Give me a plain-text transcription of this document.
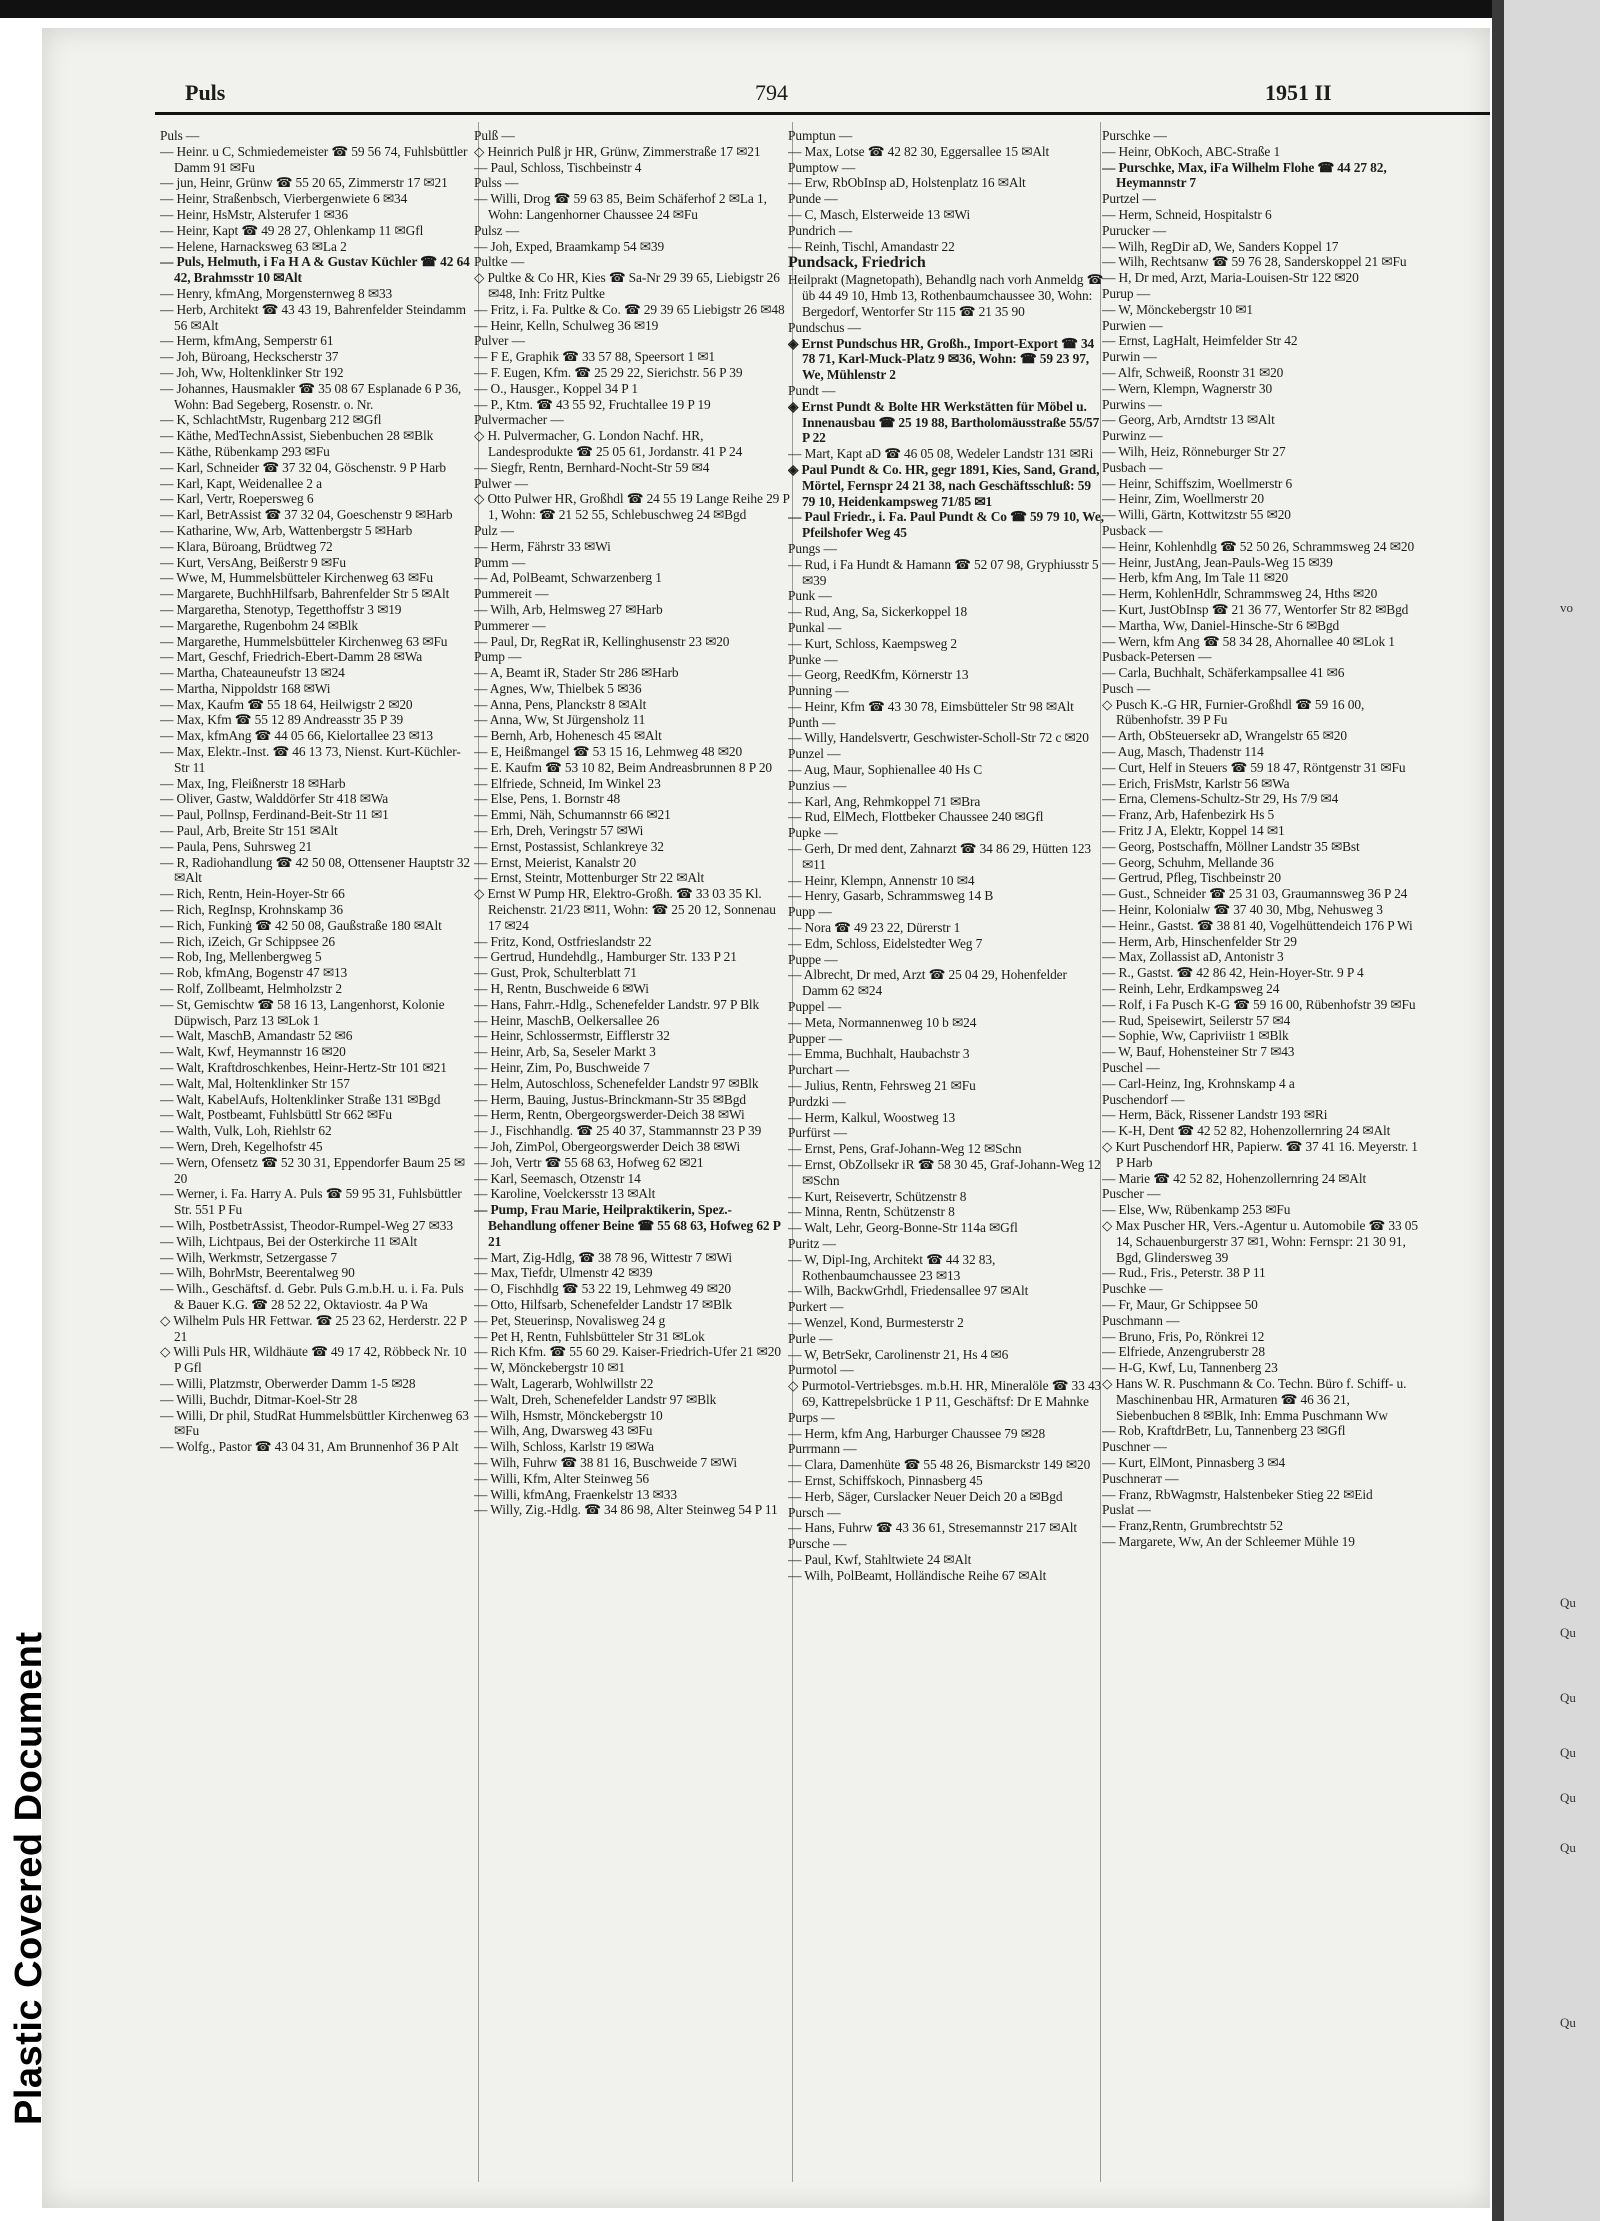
Plastic Covered Document
Puls	794	1951 II

Puls —

— Heinr. u C, Schmiedemeister ☎ 59 56 74, Fuhlsbüttler Damm 91 ✉Fu

— jun, Heinr, Grünw ☎ 55 20 65, Zimmerstr 17 ✉21

— Heinr, Straßenbsch, Vierbergenwiete 6 ✉34

— Heinr, HsMstr, Alsterufer 1 ✉36

— Heinr, Kapt ☎ 49 28 27, Ohlenkamp 11 ✉Gfl

— Helene, Harnacksweg 63 ✉La 2

— Puls, Helmuth, i Fa H A & Gustav Küchler ☎ 42 64 42, Brahmsstr 10 ✉Alt

— Henry, kfmAng, Morgensternweg 8 ✉33

— Herb, Architekt ☎ 43 43 19, Bahrenfelder Steindamm 56 ✉Alt

— Herm, kfmAng, Semperstr 61

— Joh, Büroang, Heckscherstr 37

— Joh, Ww, Holtenklinker Str 192

— Johannes, Hausmakler ☎ 35 08 67 Esplanade 6 P 36, Wohn: Bad Segeberg, Rosenstr. o. Nr.

— K, SchlachtMstr, Rugenbarg 212 ✉Gfl

— Käthe, MedTechnAssist, Siebenbuchen 28 ✉Blk

— Käthe, Rübenkamp 293 ✉Fu

— Karl, Schneider ☎ 37 32 04, Göschenstr. 9 P Harb

— Karl, Kapt, Weidenallee 2 a

— Karl, Vertr, Roepersweg 6

— Karl, BetrAssist ☎ 37 32 04, Goeschenstr 9 ✉Harb

— Katharine, Ww, Arb, Wattenbergstr 5 ✉Harb

— Klara, Büroang, Brüdtweg 72

— Kurt, VersAng, Beißerstr 9 ✉Fu

— Wwe, M, Hummelsbütteler Kirchenweg 63 ✉Fu

— Margarete, BuchhHilfsarb, Bahrenfelder Str 5 ✉Alt

— Margaretha, Stenotyp, Tegetthoffstr 3 ✉19

— Margarethe, Rugenbohm 24 ✉Blk

— Margarethe, Hummelsbütteler Kirchenweg 63 ✉Fu

— Mart, Geschf, Friedrich-Ebert-Damm 28 ✉Wa

— Martha, Chateauneufstr 13 ✉24

— Martha, Nippoldstr 168 ✉Wi

— Max, Kaufm ☎ 55 18 64, Heilwigstr 2 ✉20

— Max, Kfm ☎ 55 12 89 Andreasstr 35 P 39

— Max, kfmAng ☎ 44 05 66, Kielortallee 23 ✉13

— Max, Elektr.-Inst. ☎ 46 13 73, Nienst. Kurt-Küchler-Str 11

— Max, Ing, Fleißnerstr 18 ✉Harb

— Oliver, Gastw, Walddörfer Str 418 ✉Wa

— Paul, Pollnsp, Ferdinand-Beit-Str 11 ✉1

— Paul, Arb, Breite Str 151 ✉Alt

— Paula, Pens, Suhrsweg 21

— R, Radiohandlung ☎ 42 50 08, Ottensener Hauptstr 32 ✉Alt

— Rich, Rentn, Hein-Hoyer-Str 66

— Rich, RegInsp, Krohnskamp 36

— Rich, Funkinġ ☎ 42 50 08, Gaußstraße 180 ✉Alt

— Rich, iZeich, Gr Schippsee 26

— Rob, Ing, Mellenbergweg 5

— Rob, kfmAng, Bogenstr 47 ✉13

— Rolf, Zollbeamt, Helmholzstr 2

— St, Gemischtw ☎ 58 16 13, Langenhorst, Kolonie Düpwisch, Parz 13 ✉Lok 1

— Walt, MaschB, Amandastr 52 ✉6

— Walt, Kwf, Heymannstr 16 ✉20

— Walt, Kraftdroschkenbes, Heinr-Hertz-Str 101 ✉21

— Walt, Mal, Holtenklinker Str 157

— Walt, KabelAufs, Holtenklinker Straße 131 ✉Bgd

— Walt, Postbeamt, Fuhlsbüttl Str 662 ✉Fu

— Walth, Vulk, Loh, Riehlstr 62

— Wern, Dreh, Kegelhofstr 45

— Wern, Ofensetz ☎ 52 30 31, Eppendorfer Baum 25 ✉20

— Werner, i. Fa. Harry A. Puls ☎ 59 95 31, Fuhlsbüttler Str. 551 P Fu

— Wilh, PostbetrAssist, Theodor-Rumpel-Weg 27 ✉33

— Wilh, Lichtpaus, Bei der Osterkirche 11 ✉Alt

— Wilh, Werkmstr, Setzergasse 7

— Wilh, BohrMstr, Beerentalweg 90

— Wilh., Geschäftsf. d. Gebr. Puls G.m.b.H. u. i. Fa. Puls & Bauer K.G. ☎ 28 52 22, Oktaviostr. 4a P Wa

◇ Wilhelm Puls HR Fettwar. ☎ 25 23 62, Herderstr. 22 P 21

◇ Willi Puls HR, Wildhäute ☎ 49 17 42, Röbbeck Nr. 10 P Gfl

— Willi, Platzmstr, Oberwerder Damm 1-5 ✉28

— Willi, Buchdr, Ditmar-Koel-Str 28

— Willi, Dr phil, StudRat Hummelsbüttler Kirchenweg 63 ✉Fu

— Wolfg., Pastor ☎ 43 04 31, Am Brunnenhof 36 P Alt

Pulß —

◇ Heinrich Pulß jr HR, Grünw, Zimmerstraße 17 ✉21

— Paul, Schloss, Tischbeinstr 4

Pulss —

— Willi, Drog ☎ 59 63 85, Beim Schäferhof 2 ✉La 1, Wohn: Langenhorner Chaussee 24 ✉Fu

Pulsz —

— Joh, Exped, Braamkamp 54 ✉39

Pultke —

◇ Pultke & Co HR, Kies ☎ Sa-Nr 29 39 65, Liebigstr 26 ✉48, Inh: Fritz Pultke

— Fritz, i. Fa. Pultke & Co. ☎ 29 39 65 Liebigstr 26 ✉48

— Heinr, Kelln, Schulweg 36 ✉19

Pulver —

— F E, Graphik ☎ 33 57 88, Speersort 1 ✉1

— F. Eugen, Kfm. ☎ 25 29 22, Sierichstr. 56 P 39

— O., Hausger., Koppel 34 P 1

— P., Ktm. ☎ 43 55 92, Fruchtallee 19 P 19

Pulvermacher —

◇ H. Pulvermacher, G. London Nachf. HR, Landesprodukte ☎ 25 05 61, Jordanstr. 41 P 24

— Siegfr, Rentn, Bernhard-Nocht-Str 59 ✉4

Pulwer —

◇ Otto Pulwer HR, Großhdl ☎ 24 55 19 Lange Reihe 29 P 1, Wohn: ☎ 21 52 55, Schlebuschweg 24 ✉Bgd

Pulz —

— Herm, Fährstr 33 ✉Wi

Pumm —

— Ad, PolBeamt, Schwarzenberg 1

Pummereit —

— Wilh, Arb, Helmsweg 27 ✉Harb

Pummerer —

— Paul, Dr, RegRat iR, Kellinghusenstr 23 ✉20

Pump —

— A, Beamt iR, Stader Str 286 ✉Harb

— Agnes, Ww, Thielbek 5 ✉36

— Anna, Pens, Planckstr 8 ✉Alt

— Anna, Ww, St Jürgensholz 11

— Bernh, Arb, Hohenesch 45 ✉Alt

— E, Heißmangel ☎ 53 15 16, Lehmweg 48 ✉20

— E. Kaufm ☎ 53 10 82, Beim Andreasbrunnen 8 P 20

— Elfriede, Schneid, Im Winkel 23

— Else, Pens, 1. Bornstr 48

— Emmi, Näh, Schumannstr 66 ✉21

— Erh, Dreh, Veringstr 57 ✉Wi

— Ernst, Postassist, Schlankreye 32

— Ernst, Meierist, Kanalstr 20

— Ernst, Steintr, Mottenburger Str 22 ✉Alt

◇ Ernst W Pump HR, Elektro-Großh. ☎ 33 03 35 Kl. Reichenstr. 21/23 ✉11, Wohn: ☎ 25 20 12, Sonnenau 17 ✉24

— Fritz, Kond, Ostfrieslandstr 22

— Gertrud, Hundehdlg., Hamburger Str. 133 P 21

— Gust, Prok, Schulterblatt 71

— H, Rentn, Buschweide 6 ✉Wi

— Hans, Fahrr.-Hdlg., Schenefelder Landstr. 97 P Blk

— Heinr, MaschB, Oelkersallee 26

— Heinr, Schlossermstr, Eifflerstr 32

— Heinr, Arb, Sa, Seseler Markt 3

— Heinr, Zim, Po, Buschweide 7

— Helm, Autoschloss, Schenefelder Landstr 97 ✉Blk

— Herm, Bauing, Justus-Brinckmann-Str 35 ✉Bgd

— Herm, Rentn, Obergeorgswerder-Deich 38 ✉Wi

— J., Fischhandlg. ☎ 25 40 37, Stammannstr 23 P 39

— Joh, ZimPol, Obergeorgswerder Deich 38 ✉Wi

— Joh, Vertr ☎ 55 68 63, Hofweg 62 ✉21

— Karl, Seemasch, Otzenstr 14

— Karoline, Voelckersstr 13 ✉Alt

— Pump, Frau Marie, Heilpraktikerin, Spez.-Behandlung offener Beine ☎ 55 68 63, Hofweg 62 P 21

— Mart, Zig-Hdlg, ☎ 38 78 96, Wittestr 7 ✉Wi

— Max, Tiefdr, Ulmenstr 42 ✉39

— O, Fischhdlg ☎ 53 22 19, Lehmweg 49 ✉20

— Otto, Hilfsarb, Schenefelder Landstr 17 ✉Blk

— Pet, Steuerinsp, Novalisweg 24 g

— Pet H, Rentn, Fuhlsbütteler Str 31 ✉Lok

— Rich Kfm. ☎ 55 60 29. Kaiser-Friedrich-Ufer 21 ✉20

— W, Mönckebergstr 10 ✉1

— Walt, Lagerarb, Wohlwillstr 22

— Walt, Dreh, Schenefelder Landstr 97 ✉Blk

— Wilh, Hsmstr, Mönckebergstr 10

— Wilh, Ang, Dwarsweg 43 ✉Fu

— Wilh, Schloss, Karlstr 19 ✉Wa

— Wilh, Fuhrw ☎ 38 81 16, Buschweide 7 ✉Wi

— Willi, Kfm, Alter Steinweg 56

— Willi, kfmAng, Fraenkelstr 13 ✉33

— Willy, Zig.-Hdlg. ☎ 34 86 98, Alter Steinweg 54 P 11

Pumptun —

— Max, Lotse ☎ 42 82 30, Eggersallee 15 ✉Alt

Pumptow —

— Erw, RbObInsp aD, Holstenplatz 16 ✉Alt

Punde —

— C, Masch, Elsterweide 13 ✉Wi

Pundrich —

— Reinh, Tischl, Amandastr 22

Pundsack, Friedrich

Heilprakt (Magnetopath), Behandlg nach vorh Anmeldg ☎ üb 44 49 10, Hmb 13, Rothenbaumchaussee 30, Wohn: Bergedorf, Wentorfer Str 115 ☎ 21 35 90

Pundschus —

◈ Ernst Pundschus HR, Großh., Import-Export ☎ 34 78 71, Karl-Muck-Platz 9 ✉36, Wohn: ☎ 59 23 97, We, Mühlenstr 2

Pundt —

◈ Ernst Pundt & Bolte HR Werkstätten für Möbel u. Innenausbau ☎ 25 19 88, Bartholomäusstraße 55/57 P 22

— Mart, Kapt aD ☎ 46 05 08, Wedeler Landstr 131 ✉Ri

◈ Paul Pundt & Co. HR, gegr 1891, Kies, Sand, Grand, Mörtel, Fernspr 24 21 38, nach Geschäftsschluß: 59 79 10, Heidenkampsweg 71/85 ✉1

— Paul Friedr., i. Fa. Paul Pundt & Co ☎ 59 79 10, We, Pfeilshofer Weg 45

Pungs —

— Rud, i Fa Hundt & Hamann ☎ 52 07 98, Gryphiusstr 5 ✉39

Punk —

— Rud, Ang, Sa, Sickerkoppel 18

Punkal —

— Kurt, Schloss, Kaempsweg 2

Punke —

— Georg, ReedKfm, Körnerstr 13

Punning —

— Heinr, Kfm ☎ 43 30 78, Eimsbütteler Str 98 ✉Alt

Punth —

— Willy, Handelsvertr, Geschwister-Scholl-Str 72 c ✉20

Punzel —

— Aug, Maur, Sophienallee 40 Hs C

Punzius —

— Karl, Ang, Rehmkoppel 71 ✉Bra

— Rud, ElMech, Flottbeker Chaussee 240 ✉Gfl

Pupke —

— Gerh, Dr med dent, Zahnarzt ☎ 34 86 29, Hütten 123 ✉11

— Heinr, Klempn, Annenstr 10 ✉4

— Henry, Gasarb, Schrammsweg 14 B

Pupp —

— Nora ☎ 49 23 22, Dürerstr 1

— Edm, Schloss, Eidelstedter Weg 7

Puppe —

— Albrecht, Dr med, Arzt ☎ 25 04 29, Hohenfelder Damm 62 ✉24

Puppel —

— Meta, Normannenweg 10 b ✉24

Pupper —

— Emma, Buchhalt, Haubachstr 3

Purchart —

— Julius, Rentn, Fehrsweg 21 ✉Fu

Purdzki —

— Herm, Kalkul, Woostweg 13

Purfürst —

— Ernst, Pens, Graf-Johann-Weg 12 ✉Schn

— Ernst, ObZollsekr iR ☎ 58 30 45, Graf-Johann-Weg 12 ✉Schn

— Kurt, Reisevertr, Schützenstr 8

— Minna, Rentn, Schützenstr 8

— Walt, Lehr, Georg-Bonne-Str 114a ✉Gfl

Puritz —

— W, Dipl-Ing, Architekt ☎ 44 32 83, Rothenbaumchaussee 23 ✉13

— Wilh, BackwGrhdl, Friedensallee 97 ✉Alt

Purkert —

— Wenzel, Kond, Burmesterstr 2

Purle —

— W, BetrSekr, Carolinenstr 21, Hs 4 ✉6

Purmotol —

◇ Purmotol-Vertriebsges. m.b.H. HR, Mineralöle ☎ 33 43 69, Kattrepelsbrücke 1 P 11, Geschäftsf: Dr E Mahnke

Purps —

— Herm, kfm Ang, Harburger Chaussee 79 ✉28

Purrmann —

— Clara, Damenhüte ☎ 55 48 26, Bismarckstr 149 ✉20

— Ernst, Schiffskoch, Pinnasberg 45

— Herb, Säger, Curslacker Neuer Deich 20 a ✉Bgd

Pursch —

— Hans, Fuhrw ☎ 43 36 61, Stresemannstr 217 ✉Alt

Pursche —

— Paul, Kwf, Stahltwiete 24 ✉Alt

— Wilh, PolBeamt, Holländische Reihe 67 ✉Alt

Purschke —

— Heinr, ObKoch, ABC-Straße 1

— Purschke, Max, iFa Wilhelm Flohe ☎ 44 27 82, Heymannstr 7

Purtzel —

— Herm, Schneid, Hospitalstr 6

Purucker —

— Wilh, RegDir aD, We, Sanders Koppel 17

— Wilh, Rechtsanw ☎ 59 76 28, Sanderskoppel 21 ✉Fu

— H, Dr med, Arzt, Maria-Louisen-Str 122 ✉20

Purup —

— W, Mönckebergstr 10 ✉1

Purwien —

— Ernst, LagHalt, Heimfelder Str 42

Purwin —

— Alfr, Schweiß, Roonstr 31 ✉20

— Wern, Klempn, Wagnerstr 30

Purwins —

— Georg, Arb, Arndtstr 13 ✉Alt

Purwinz —

— Wilh, Heiz, Rönneburger Str 27

Pusbach —

— Heinr, Schiffszim, Woellmerstr 6

— Heinr, Zim, Woellmerstr 20

— Willi, Gärtn, Kottwitzstr 55 ✉20

Pusback —

— Heinr, Kohlenhdlg ☎ 52 50 26, Schrammsweg 24 ✉20

— Heinr, JustAng, Jean-Pauls-Weg 15 ✉39

— Herb, kfm Ang, Im Tale 11 ✉20

— Herm, KohlenHdlr, Schrammsweg 24, Hths ✉20

— Kurt, JustObInsp ☎ 21 36 77, Wentorfer Str 82 ✉Bgd

— Martha, Ww, Daniel-Hinsche-Str 6 ✉Bgd

— Wern, kfm Ang ☎ 58 34 28, Ahornallee 40 ✉Lok 1

Pusback-Petersen —

— Carla, Buchhalt, Schäferkampsallee 41 ✉6

Pusch —

◇ Pusch K.-G HR, Furnier-Großhdl ☎ 59 16 00, Rübenhofstr. 39 P Fu

— Arth, ObSteuersekr aD, Wrangelstr 65 ✉20

— Aug, Masch, Thadenstr 114

— Curt, Helf in Steuers ☎ 59 18 47, Röntgenstr 31 ✉Fu

— Erich, FrisMstr, Karlstr 56 ✉Wa

— Erna, Clemens-Schultz-Str 29, Hs 7/9 ✉4

— Franz, Arb, Hafenbezirk Hs 5

— Fritz J A, Elektr, Koppel 14 ✉1

— Georg, Postschaffn, Möllner Landstr 35 ✉Bst

— Georg, Schuhm, Mellande 36

— Gertrud, Pfleg, Tischbeinstr 20

— Gust., Schneider ☎ 25 31 03, Graumannsweg 36 P 24

— Heinr, Kolonialw ☎ 37 40 30, Mbg, Nehusweg 3

— Heinr., Gastst. ☎ 38 81 40, Vogelhüttendeich 176 P Wi

— Herm, Arb, Hinschenfelder Str 29

— Max, Zollassist aD, Antonistr 3

— R., Gastst. ☎ 42 86 42, Hein-Hoyer-Str. 9 P 4

— Reinh, Lehr, Erdkampsweg 24

— Rolf, i Fa Pusch K-G ☎ 59 16 00, Rübenhofstr 39 ✉Fu

— Rud, Speisewirt, Seilerstr 57 ✉4

— Sophie, Ww, Capriviistr 1 ✉Blk

— W, Bauf, Hohensteiner Str 7 ✉43

Puschel —

— Carl-Heinz, Ing, Krohnskamp 4 a

Puschendorf —

— Herm, Bäck, Rissener Landstr 193 ✉Ri

— K-H, Dent ☎ 42 52 82, Hohenzollernring 24 ✉Alt

◇ Kurt Puschendorf HR, Papierw. ☎ 37 41 16. Meyerstr. 1 P Harb

— Marie ☎ 42 52 82, Hohenzollernring 24 ✉Alt

Puscher —

— Else, Ww, Rübenkamp 253 ✉Fu

◇ Max Puscher HR, Vers.-Agentur u. Automobile ☎ 33 05 14, Schauenburgerstr 37 ✉1, Wohn: Fernspr: 21 30 91, Bgd, Glindersweg 39

— Rud., Fris., Peterstr. 38 P 11

Puschke —

— Fr, Maur, Gr Schippsee 50

Puschmann —

— Bruno, Fris, Po, Rönkrei 12

— Elfriede, Anzengruberstr 28

— H-G, Kwf, Lu, Tannenberg 23

◇ Hans W. R. Puschmann & Co. Techn. Büro f. Schiff- u. Maschinenbau HR, Armaturen ☎ 46 36 21, Siebenbuchen 8 ✉Blk, Inh: Emma Puschmann Ww

— Rob, KraftdrBetr, Lu, Tannenberg 23 ✉Gfl

Puschner —

— Kurt, ElMont, Pinnasberg 3 ✉4

Puschneraт —

— Franz, RbWagmstr, Halstenbeker Stieg 22 ✉Eid

Puslat —

— Franz,Rentn, Grumbrechtstr 52

— Margarete, Ww, An der Schleemer Mühle 19

vo
Qu
Qu
Qu
Qu
Qu
Qu
Qu
